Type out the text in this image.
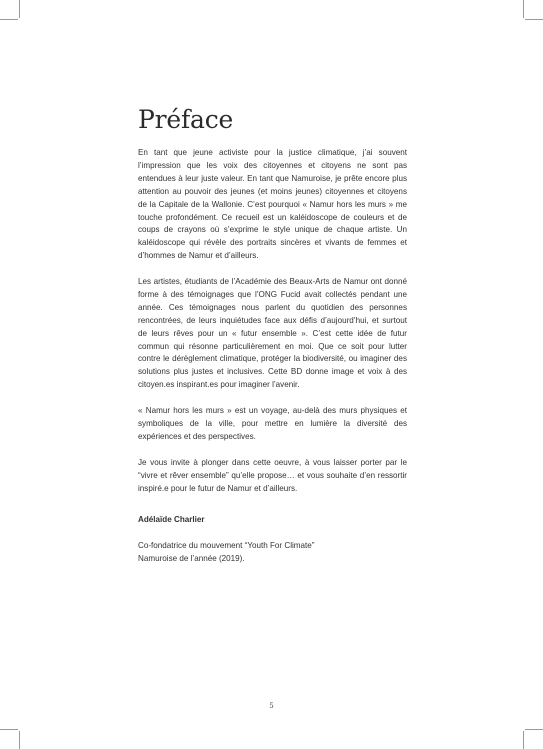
Préface

En tant que jeune activiste pour la justice climatique, j’ai souvent l’impression que les voix des citoyennes et citoyens ne sont pas entendues à leur juste valeur. En tant que Namuroise, je prête encore plus attention au pouvoir des jeunes (et moins jeunes) citoyennes et citoyens de la Capitale de la Wallonie. C’est pourquoi « Namur hors les murs » me touche profondément. Ce recueil est un kaléidoscope de couleurs et de coups de crayons où s’exprime le style unique de chaque artiste. Un kaléidoscope qui révèle des portraits sincères et vivants de femmes et d’hommes de Namur et d’ailleurs.

Les artistes, étudiants de l’Académie des Beaux-Arts de Namur ont donné forme à des témoignages que l’ONG Fucid avait collectés pendant une année. Ces témoignages nous parlent du quotidien des personnes rencontrées, de leurs inquiétudes face aux défis d’aujourd’hui, et surtout de leurs rêves pour un « futur ensemble ». C’est cette idée de futur commun qui résonne particulièrement en moi. Que ce soit pour lutter contre le dérèglement climatique, protéger la biodiversité, ou imaginer des solutions plus justes et inclusives. Cette BD donne image et voix à des citoyen.es inspirant.es pour imaginer l’avenir.

« Namur hors les murs » est un voyage, au-delà des murs physiques et symboliques de la ville, pour mettre en lumière la diversité des expériences et des perspectives.

Je vous invite à plonger dans cette oeuvre, à vous laisser porter par le “vivre et rêver ensemble” qu’elle propose… et vous souhaite d’en ressortir inspiré.e pour le futur de Namur et d’ailleurs.

Adélaïde Charlier

Co-fondatrice du mouvement “Youth For Climate”

Namuroise de l’année (2019).

5
